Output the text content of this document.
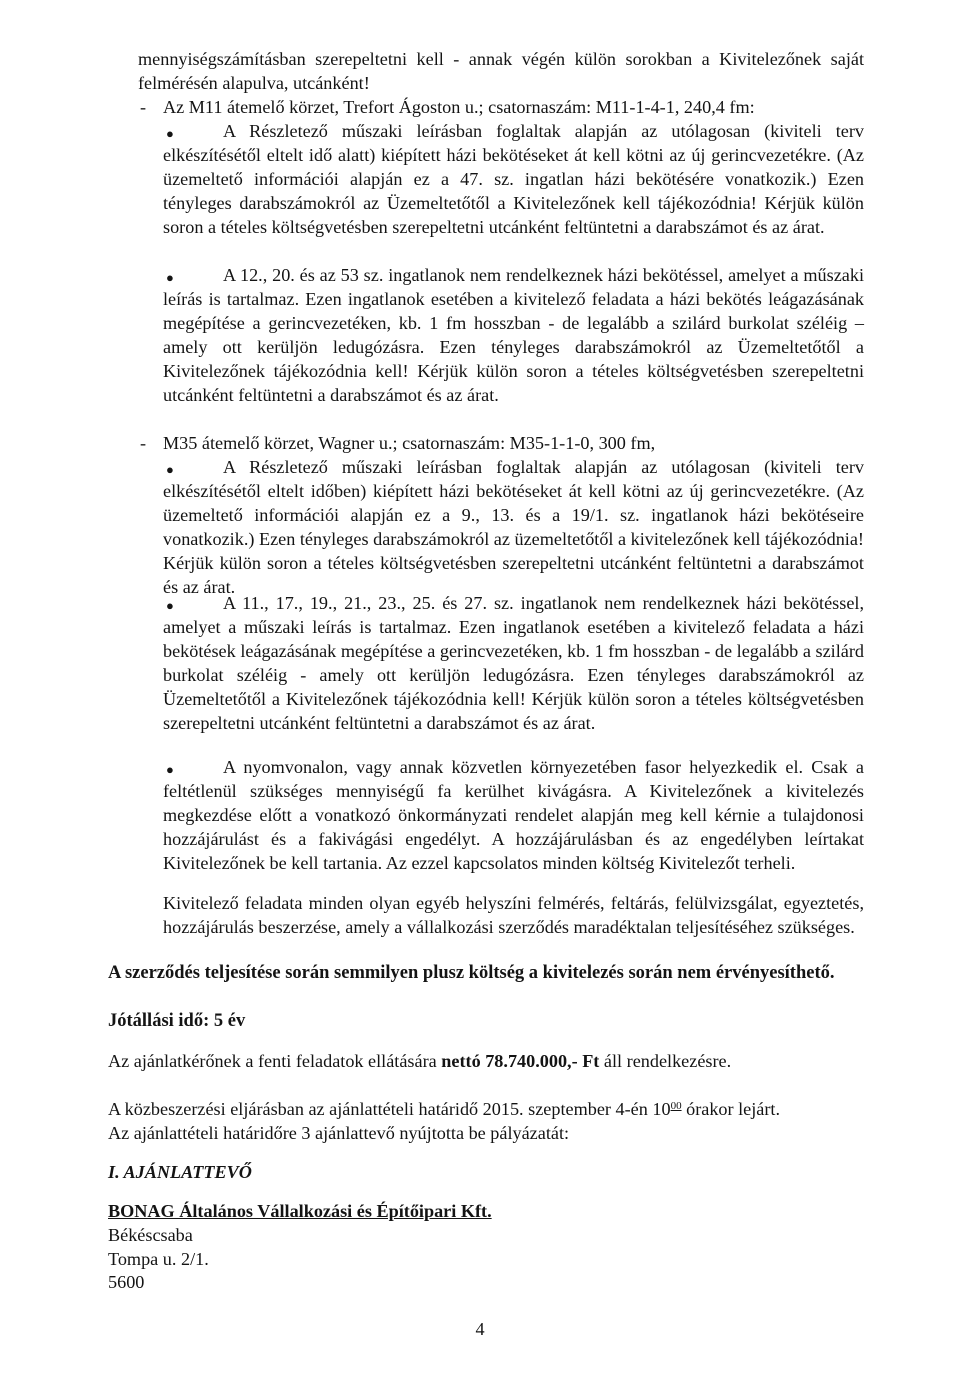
mennyiségszámításban szerepeltetni kell - annak végén külön sorokban a Kivitelezőnek saját felmérésén alapulva, utcánként!

- Az M11 átemelő körzet, Trefort Ágoston u.; csatornaszám: M11-1-4-1, 240,4 fm:

●	A Részletező műszaki leírásban foglaltak alapján az utólagosan (kiviteli terv elkészítésétől eltelt idő alatt) kiépített házi bekötéseket át kell kötni az új gerincvezetékre. (Az üzemeltető információi alapján ez a 47. sz. ingatlan házi bekötésére vonatkozik.) Ezen tényleges darabszámokról az Üzemeltetőtől a Kivitelezőnek kell tájékozódnia! Kérjük külön soron a tételes költségvetésben szerepeltetni utcánként feltüntetni a darabszámot és az árat.

●	A 12., 20. és az 53 sz. ingatlanok nem rendelkeznek házi bekötéssel, amelyet a műszaki leírás is tartalmaz. Ezen ingatlanok esetében a kivitelező feladata a házi bekötés leágazásának megépítése a gerincvezetéken, kb. 1 fm hosszban - de legalább a szilárd burkolat széléig – amely ott kerüljön ledugózásra. Ezen tényleges darabszámokról az Üzemeltetőtől a Kivitelezőnek tájékozódnia kell! Kérjük külön soron a tételes költségvetésben szerepeltetni utcánként feltüntetni a darabszámot és az árat.

- M35 átemelő körzet, Wagner u.; csatornaszám: M35-1-1-0, 300 fm,

●	A Részletező műszaki leírásban foglaltak alapján az utólagosan (kiviteli terv elkészítésétől eltelt időben) kiépített házi bekötéseket át kell kötni az új gerincvezetékre. (Az üzemeltető információi alapján ez a 9., 13. és a 19/1. sz. ingatlanok házi bekötéseire vonatkozik.) Ezen tényleges darabszámokról az üzemeltetőtől a kivitelezőnek kell tájékozódnia! Kérjük külön soron a tételes költségvetésben szerepeltetni utcánként feltüntetni a darabszámot és az árat.

●	A 11., 17., 19., 21., 23., 25. és 27. sz. ingatlanok nem rendelkeznek házi bekötéssel, amelyet a műszaki leírás is tartalmaz. Ezen ingatlanok esetében a kivitelező feladata a házi bekötések leágazásának megépítése a gerincvezetéken, kb. 1 fm hosszban - de legalább a szilárd burkolat széléig - amely ott kerüljön ledugózásra. Ezen tényleges darabszámokról az Üzemeltetőtől a Kivitelezőnek tájékozódnia kell! Kérjük külön soron a tételes költségvetésben szerepeltetni utcánként feltüntetni a darabszámot és az árat.

●	A nyomvonalon, vagy annak közvetlen környezetében fasor helyezkedik el. Csak a feltétlenül szükséges mennyiségű fa kerülhet kivágásra. A Kivitelezőnek a kivitelezés megkezdése előtt a vonatkozó önkormányzati rendelet alapján meg kell kérnie a tulajdonosi hozzájárulást és a fakivágási engedélyt. A hozzájárulásban és az engedélyben leírtakat Kivitelezőnek be kell tartania. Az ezzel kapcsolatos minden költség Kivitelezőt terheli.

Kivitelező feladata minden olyan egyéb helyszíni felmérés, feltárás, felülvizsgálat, egyeztetés, hozzájárulás beszerzése, amely a vállalkozási szerződés maradéktalan teljesítéséhez szükséges.

A szerződés teljesítése során semmilyen plusz költség a kivitelezés során nem érvényesíthető.

Jótállási idő: 5 év

Az ajánlatkérőnek a fenti feladatok ellátására nettó 78.740.000,- Ft áll rendelkezésre.

A közbeszerzési eljárásban az ajánlattételi határidő 2015. szeptember 4-én $10^{00}$ órakor lejárt.

Az ajánlattételi határidőre 3 ajánlattevő nyújtotta be pályázatát:

I. AJÁNLATTEVŐ

BONAG Általános Vállalkozási és Építőipari Kft.

Békéscsaba

Tompa u. 2/1.

5600

4
